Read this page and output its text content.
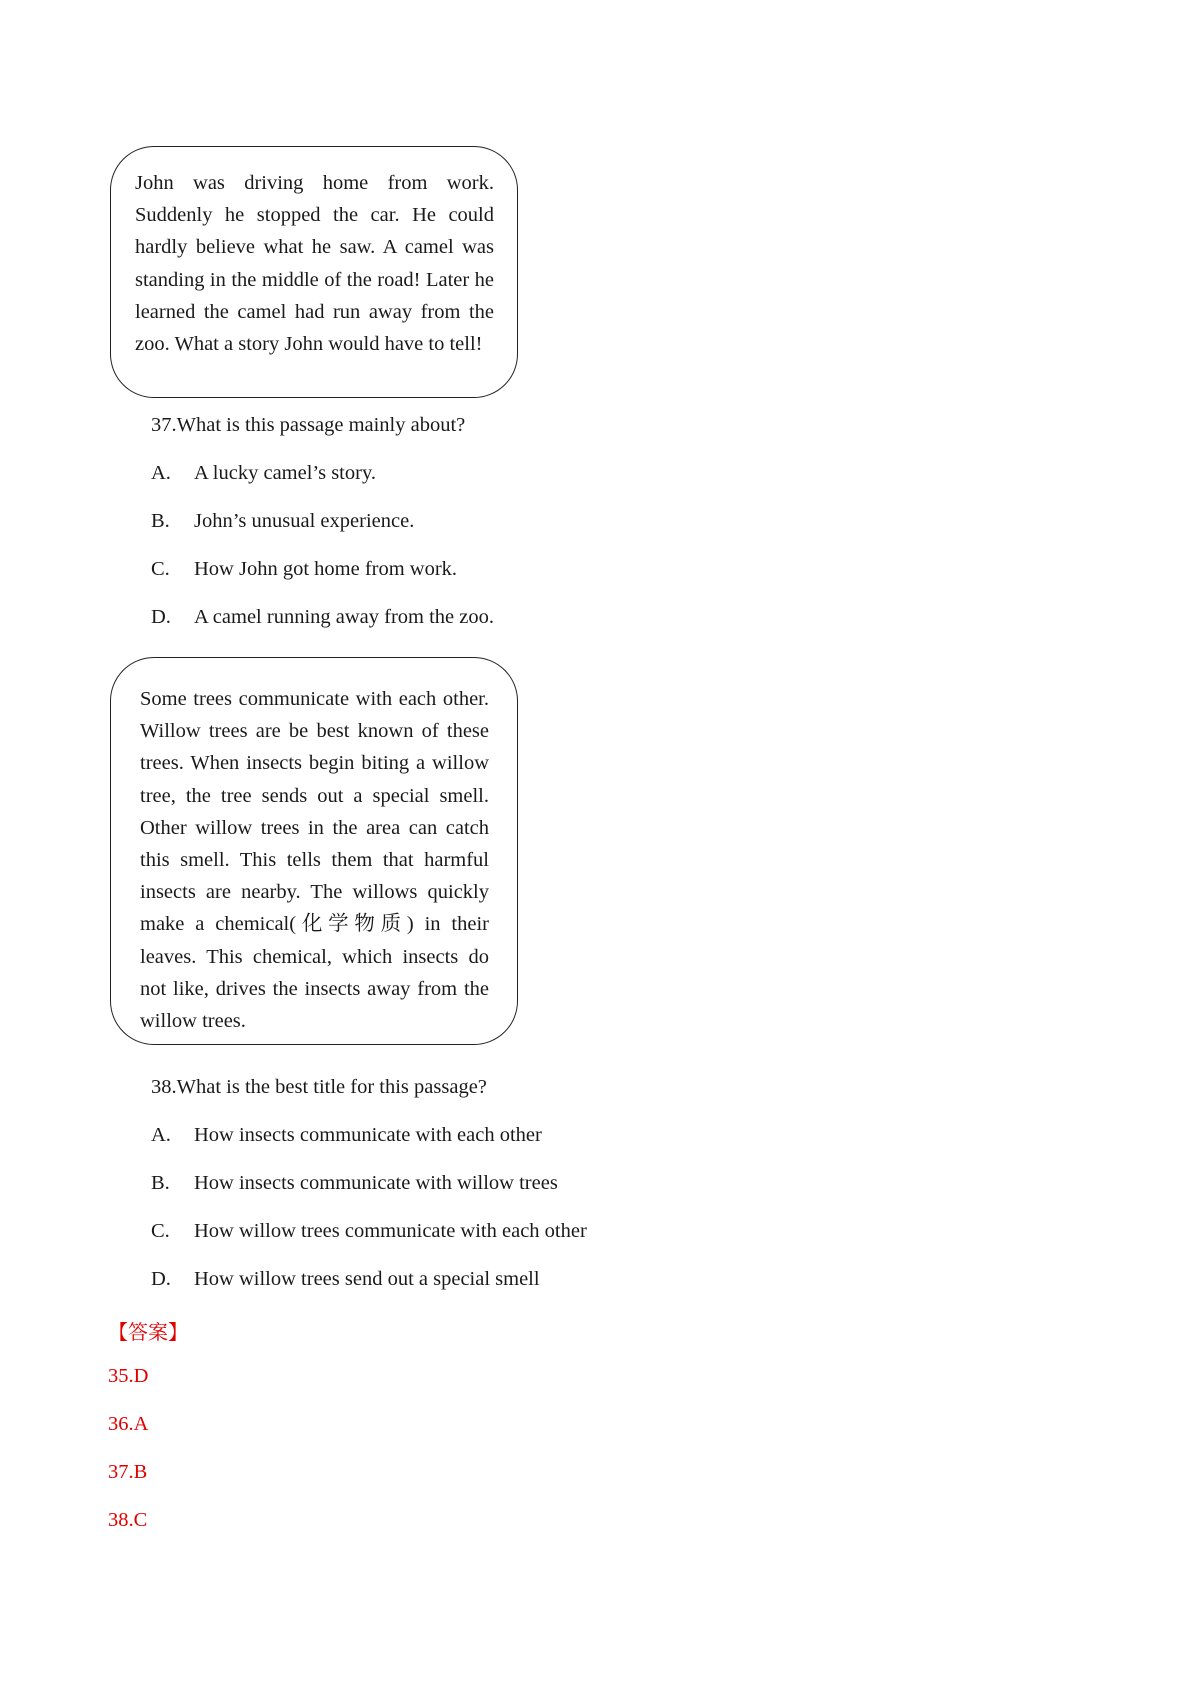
John was driving home from work. Suddenly he stopped the car. He could hardly believe what he saw. A camel was standing in the middle of the road! Later he learned the camel had run away from the zoo. What a story John would have to tell!

37.What is this passage mainly about?
A. A lucky camel’s story.
B. John’s unusual experience.
C. How John got home from work.
D. A camel running away from the zoo.

Some trees communicate with each other. Willow trees are be best known of these trees. When insects begin biting a willow tree, the tree sends out a special smell. Other willow trees in the area can catch this smell. This tells them that harmful insects are nearby. The willows quickly make a chemical(化学物质) in their leaves. This chemical, which insects do not like, drives the insects away from the willow trees.

38.What is the best title for this passage?
A. How insects communicate with each other
B. How insects communicate with willow trees
C. How willow trees communicate with each other
D. How willow trees send out a special smell
【答案】
35.D
36.A
37.B
38.C
